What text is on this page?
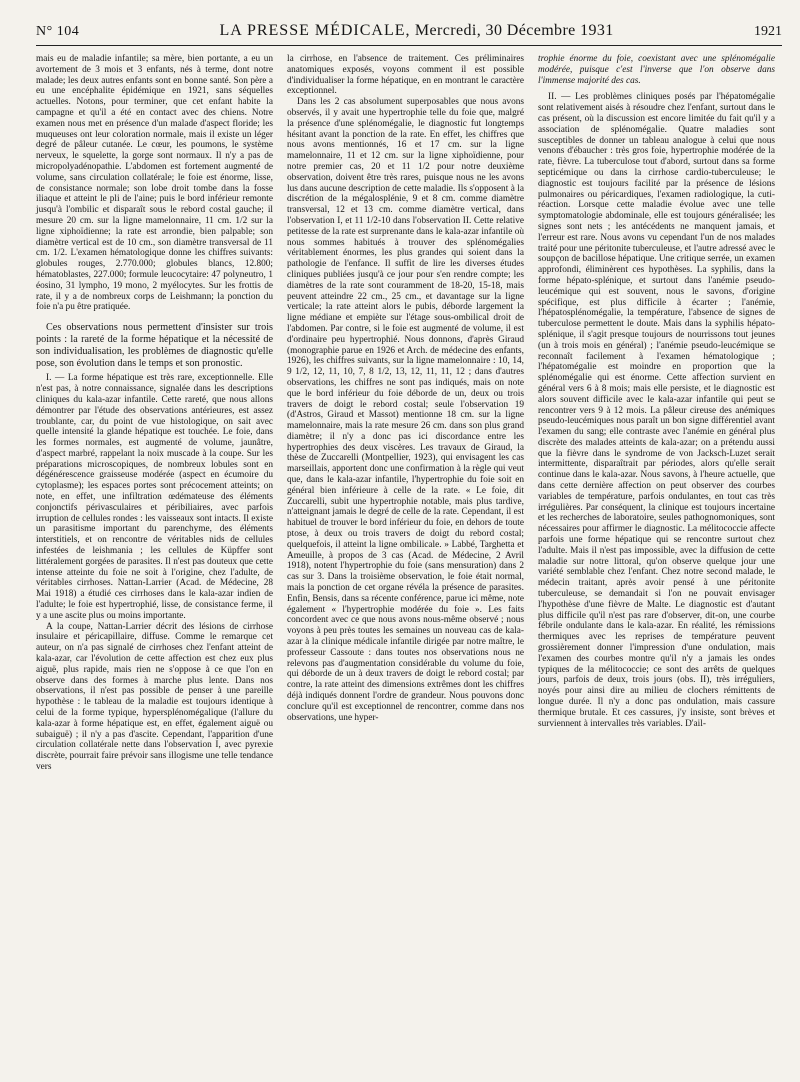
N° 104	LA PRESSE MÉDICALE, Mercredi, 30 Décembre 1931	1921

mais eu de maladie infantile; sa mère, bien portante, a eu un avortement de 3 mois et 3 enfants, nés à terme, dont notre malade; les deux autres enfants sont en bonne santé. Son père a eu une encéphalite épidémique en 1921, sans séquelles actuelles. Notons, pour terminer, que cet enfant habite la campagne et qu'il a été en contact avec des chiens. Notre examen nous met en présence d'un malade d'aspect floride; les muqueuses ont leur coloration normale, mais il existe un léger degré de pâleur cutanée. Le cœur, les poumons, le système nerveux, le squelette, la gorge sont normaux. Il n'y a pas de micropolyadénopathie. L'abdomen est fortement augmenté de volume, sans circulation collatérale; le foie est énorme, lisse, de consistance normale; son lobe droit tombe dans la fosse iliaque et atteint le pli de l'aine; puis le bord inférieur remonte jusqu'à l'ombilic et disparaît sous le rebord costal gauche; il mesure 20 cm. sur la ligne mamelonnaire, 11 cm. 1/2 sur la ligne xiphoïdienne; la rate est arrondie, bien palpable; son diamètre vertical est de 10 cm., son diamètre transversal de 11 cm. 1/2. L'examen hématologique donne les chiffres suivants: globules rouges, 2.770.000; globules blancs, 12.800; hématoblastes, 227.000; formule leucocytaire: 47 polyneutro, 1 éosino, 31 lympho, 19 mono, 2 myélocytes. Sur les frottis de rate, il y a de nombreux corps de Leishmann; la ponction du foie n'a pu être pratiquée.

Ces observations nous permettent d'insister sur trois points : la rareté de la forme hépatique et la nécessité de son individualisation, les problèmes de diagnostic qu'elle pose, son évolution dans le temps et son pronostic.

I. — La forme hépatique est très rare, exceptionnelle. Elle n'est pas, à notre connaissance, signalée dans les descriptions cliniques du kala-azar infantile. Cette rareté, que nous allons démontrer par l'étude des observations antérieures, est assez troublante, car, du point de vue histologique, on sait avec quelle intensité la glande hépatique est touchée. Le foie, dans les formes normales, est augmenté de volume, jaunâtre, d'aspect marbré, rappelant la noix muscade à la coupe. Sur les préparations microscopiques, de nombreux lobules sont en dégénérescence graisseuse modérée (aspect en écumoire du cytoplasme); les espaces portes sont précocement atteints; on note, en effet, une infiltration œdémateuse des éléments conjonctifs périvasculaires et péribiliaires, avec parfois irruption de cellules rondes : les vaisseaux sont intacts. Il existe un parasitisme important du parenchyme, des éléments interstitiels, et on rencontre de véritables nids de cellules infestées de leishmania ; les cellules de Küpffer sont littéralement gorgées de parasites. Il n'est pas douteux que cette intense atteinte du foie ne soit à l'origine, chez l'adulte, de véritables cirrhoses. Nattan-Larrier (Acad. de Médecine, 28 Mai 1918) a étudié ces cirrhoses dans le kala-azar indien de l'adulte; le foie est hypertrophié, lisse, de consistance ferme, il y a une ascite plus ou moins importante.

A la coupe, Nattan-Larrier décrit des lésions de cirrhose insulaire et péricapillaire, diffuse. Comme le remarque cet auteur, on n'a pas signalé de cirrhoses chez l'enfant atteint de kala-azar, car l'évolution de cette affection est chez eux plus aiguë, plus rapide, mais rien ne s'oppose à ce que l'on en observe dans des formes à marche plus lente. Dans nos observations, il n'est pas possible de penser à une pareille hypothèse : le tableau de la maladie est toujours identique à celui de la forme typique, hypersplénomégalique (l'allure du kala-azar à forme hépatique est, en effet, également aiguë ou subaiguë) ; il n'y a pas d'ascite. Cependant, l'apparition d'une circulation collatérale nette dans l'observation I, avec pyrexie discrète, pourrait faire prévoir sans illogisme une telle tendance vers

la cirrhose, en l'absence de traitement. Ces préliminaires anatomiques exposés, voyons comment il est possible d'individualiser la forme hépatique, en en montrant le caractère exceptionnel.

Dans les 2 cas absolument superposables que nous avons observés, il y avait une hypertrophie telle du foie que, malgré la présence d'une splénomégalie, le diagnostic fut longtemps hésitant avant la ponction de la rate. En effet, les chiffres que nous avons mentionnés, 16 et 17 cm. sur la ligne mamelonnaire, 11 et 12 cm. sur la ligne xiphoïdienne, pour notre premier cas, 20 et 11 1/2 pour notre deuxième observation, doivent être très rares, puisque nous ne les avons lus dans aucune description de cette maladie. Ils s'opposent à la discrétion de la mégalosplénie, 9 et 8 cm. comme diamètre transversal, 12 et 13 cm. comme diamètre vertical, dans l'observation I, et 11 1/2-10 dans l'observation II. Cette relative petitesse de la rate est surprenante dans le kala-azar infantile où nous sommes habitués à trouver des splénomégalies véritablement énormes, les plus grandes qui soient dans la pathologie de l'enfance. Il suffit de lire les diverses études cliniques publiées jusqu'à ce jour pour s'en rendre compte; les diamètres de la rate sont couramment de 18-20, 15-18, mais peuvent atteindre 22 cm., 25 cm., et davantage sur la ligne verticale; la rate atteint alors le pubis, déborde largement la ligne médiane et empiète sur l'étage sous-ombilical droit de l'abdomen. Par contre, si le foie est augmenté de volume, il est d'ordinaire peu hypertrophié. Nous donnons, d'après Giraud (monographie parue en 1926 et Arch. de médecine des enfants, 1926), les chiffres suivants, sur la ligne mamelonnaire : 10, 14, 9 1/2, 12, 11, 10, 7, 8 1/2, 13, 12, 11, 11, 12 ; dans d'autres observations, les chiffres ne sont pas indiqués, mais on note que le bord inférieur du foie déborde de un, deux ou trois travers de doigt le rebord costal; seule l'observation 19 (d'Astros, Giraud et Massot) mentionne 18 cm. sur la ligne mamelonnaire, mais la rate mesure 26 cm. dans son plus grand diamètre; il n'y a donc pas ici discordance entre les hypertrophies des deux viscères. Les travaux de Giraud, la thèse de Zuccarelli (Montpellier, 1923), qui envisagent les cas marseillais, apportent donc une confirmation à la règle qui veut que, dans le kala-azar infantile, l'hypertrophie du foie soit en général bien inférieure à celle de la rate. « Le foie, dit Zuccarelli, subit une hypertrophie notable, mais plus tardive, n'atteignant jamais le degré de celle de la rate. Cependant, il est habituel de trouver le bord inférieur du foie, en dehors de toute ptose, à deux ou trois travers de doigt du rebord costal; quelquefois, il atteint la ligne ombilicale. » Labbé, Targhetta et Ameuille, à propos de 3 cas (Acad. de Médecine, 2 Avril 1918), notent l'hypertrophie du foie (sans mensuration) dans 2 cas sur 3. Dans la troisième observation, le foie était normal, mais la ponction de cet organe révéla la présence de parasites. Enfin, Bensis, dans sa récente conférence, parue ici même, note également « l'hypertrophie modérée du foie ». Les faits concordent avec ce que nous avons nous-même observé ; nous voyons à peu près toutes les semaines un nouveau cas de kala-azar à la clinique médicale infantile dirigée par notre maître, le professeur Cassoute : dans toutes nos observations nous ne relevons pas d'augmentation considérable du volume du foie, qui déborde de un à deux travers de doigt le rebord costal; par contre, la rate atteint des dimensions extrêmes dont les chiffres déjà indiqués donnent l'ordre de grandeur. Nous pouvons donc conclure qu'il est exceptionnel de rencontrer, comme dans nos observations, une hyper-

trophie énorme du foie, coexistant avec une splénomégalie modérée, puisque c'est l'inverse que l'on observe dans l'immense majorité des cas.

II. — Les problèmes cliniques posés par l'hépatomégalie sont relativement aisés à résoudre chez l'enfant, surtout dans le cas présent, où la discussion est encore limitée du fait qu'il y a association de splénomégalie. Quatre maladies sont susceptibles de donner un tableau analogue à celui que nous venons d'ébaucher : très gros foie, hypertrophie modérée de la rate, fièvre. La tuberculose tout d'abord, surtout dans sa forme septicémique ou dans la cirrhose cardio-tuberculeuse; le diagnostic est toujours facilité par la présence de lésions pulmonaires ou péricardiques, l'examen radiologique, la cuti-réaction. Lorsque cette maladie évolue avec une telle symptomatologie abdominale, elle est toujours généralisée; les signes sont nets ; les antécédents ne manquent jamais, et l'erreur est rare. Nous avons vu cependant l'un de nos malades traité pour une péritonite tuberculeuse, et l'autre adressé avec le soupçon de bacillose hépatique. Une critique serrée, un examen approfondi, éliminèrent ces hypothèses. La syphilis, dans la forme hépato-splénique, et surtout dans l'anémie pseudo-leucémique qui est souvent, nous le savons, d'origine spécifique, est plus difficile à écarter ; l'anémie, l'hépatosplénomégalie, la température, l'absence de signes de tuberculose permettent le doute. Mais dans la syphilis hépato-splénique, il s'agit presque toujours de nourrissons tout jeunes (un à trois mois en général) ; l'anémie pseudo-leucémique se reconnaît facilement à l'examen hématologique ; l'hépatomégalie est moindre en proportion que la splénomégalie qui est énorme. Cette affection survient en général vers 6 à 8 mois; mais elle persiste, et le diagnostic est alors souvent difficile avec le kala-azar infantile qui peut se rencontrer vers 9 à 12 mois. La pâleur cireuse des anémiques pseudo-leucémiques nous paraît un bon signe différentiel avant l'examen du sang; elle contraste avec l'anémie en général plus discrète des malades atteints de kala-azar; on a prétendu aussi que la fièvre dans le syndrome de von Jacksch-Luzet serait intermittente, disparaîtrait par périodes, alors qu'elle serait continue dans le kala-azar. Nous savons, à l'heure actuelle, que dans cette dernière affection on peut observer des courbes variables de température, parfois ondulantes, en tout cas très irrégulières. Par conséquent, la clinique est toujours incertaine et les recherches de laboratoire, seules pathognomoniques, sont nécessaires pour affirmer le diagnostic. La mélitococcie affecte parfois une forme hépatique qui se rencontre surtout chez l'adulte. Mais il n'est pas impossible, avec la diffusion de cette maladie sur notre littoral, qu'on observe quelque jour une variété semblable chez l'enfant. Chez notre second malade, le médecin traitant, après avoir pensé à une péritonite tuberculeuse, se demandait si l'on ne pouvait envisager l'hypothèse d'une fièvre de Malte. Le diagnostic est d'autant plus difficile qu'il n'est pas rare d'observer, dit-on, une courbe fébrile ondulante dans le kala-azar. En réalité, les rémissions thermiques avec les reprises de température peuvent grossièrement donner l'impression d'une ondulation, mais l'examen des courbes montre qu'il n'y a jamais les ondes typiques de la mélitococcie; ce sont des arrêts de quelques jours, parfois de deux, trois jours (obs. II), très irréguliers, noyés pour ainsi dire au milieu de clochers rémittents de longue durée. Il n'y a donc pas ondulation, mais cassure thermique brutale. Et ces cassures, j'y insiste, sont brèves et surviennent à intervalles très variables. D'ail-
